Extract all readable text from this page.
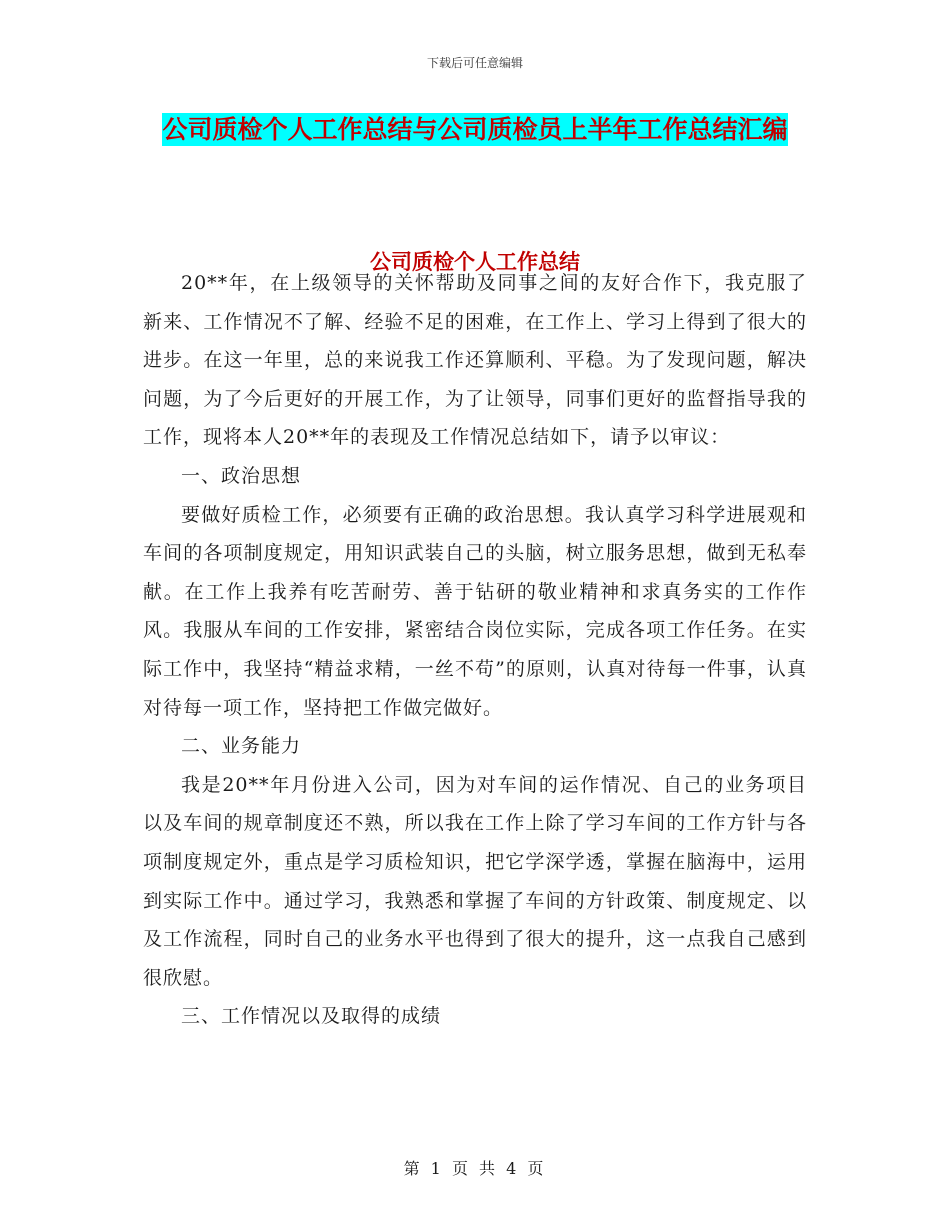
下载后可任意编辑
公司质检个人工作总结与公司质检员上半年工作总结汇编
公司质检个人工作总结

20**年，在上级领导的关怀帮助及同事之间的友好合作下，我克服了新来、工作情况不了解、经验不足的困难，在工作上、学习上得到了很大的进步。在这一年里，总的来说我工作还算顺利、平稳。为了发现问题，解决问题，为了今后更好的开展工作，为了让领导，同事们更好的监督指导我的工作，现将本人20**年的表现及工作情况总结如下，请予以审议：

一、政治思想

要做好质检工作，必须要有正确的政治思想。我认真学习科学进展观和车间的各项制度规定，用知识武装自己的头脑，树立服务思想，做到无私奉献。在工作上我养有吃苦耐劳、善于钻研的敬业精神和求真务实的工作作风。我服从车间的工作安排，紧密结合岗位实际，完成各项工作任务。在实际工作中，我坚持“精益求精，一丝不苟”的原则，认真对待每一件事，认真对待每一项工作，坚持把工作做完做好。

二、业务能力

我是20**年月份进入公司，因为对车间的运作情况、自己的业务项目以及车间的规章制度还不熟，所以我在工作上除了学习车间的工作方针与各项制度规定外，重点是学习质检知识，把它学深学透，掌握在脑海中，运用到实际工作中。通过学习，我熟悉和掌握了车间的方针政策、制度规定、以及工作流程，同时自己的业务水平也得到了很大的提升，这一点我自己感到很欣慰。

三、工作情况以及取得的成绩

第 1 页 共 4 页
